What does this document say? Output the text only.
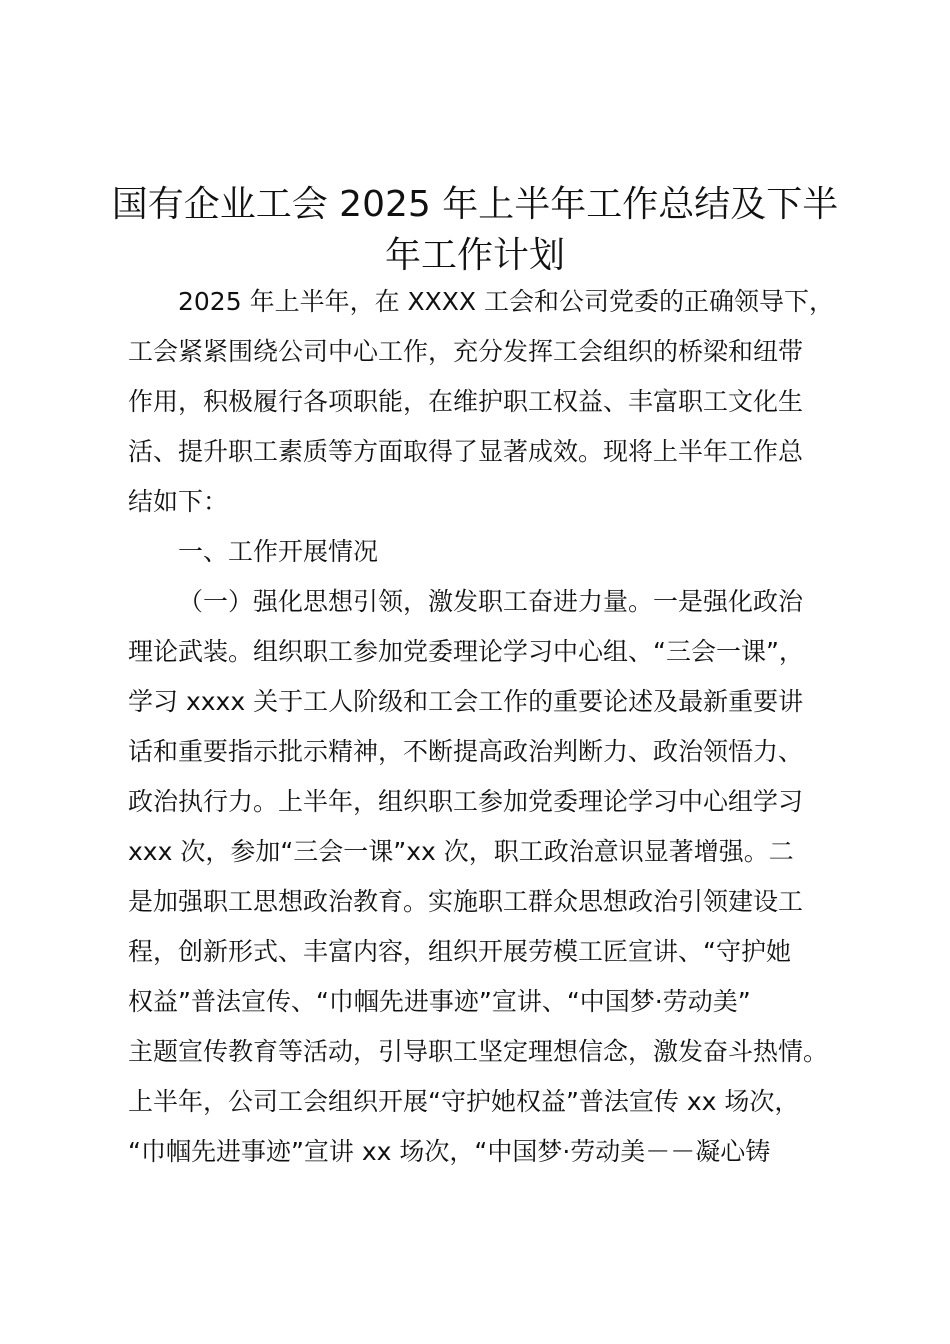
国有企业工会 2025 年上半年工作总结及下半
年工作计划
2025 年上半年，在 XXXX 工会和公司党委的正确领导下，
工会紧紧围绕公司中心工作，充分发挥工会组织的桥梁和纽带
作用，积极履行各项职能，在维护职工权益、丰富职工文化生
活、提升职工素质等方面取得了显著成效。现将上半年工作总
结如下：
一、工作开展情况
（一）强化思想引领，激发职工奋进力量。一是强化政治
理论武装。组织职工参加党委理论学习中心组、“三会一课”，
学习 xxxx 关于工人阶级和工会工作的重要论述及最新重要讲
话和重要指示批示精神，不断提高政治判断力、政治领悟力、
政治执行力。上半年，组织职工参加党委理论学习中心组学习
xxx 次，参加“三会一课”xx 次，职工政治意识显著增强。二
是加强职工思想政治教育。实施职工群众思想政治引领建设工
程，创新形式、丰富内容，组织开展劳模工匠宣讲、“守护她
权益”普法宣传、“巾帼先进事迹”宣讲、“中国梦·劳动美”
主题宣传教育等活动，引导职工坚定理想信念，激发奋斗热情。
上半年，公司工会组织开展“守护她权益”普法宣传 xx 场次，
“巾帼先进事迹”宣讲 xx 场次，“中国梦·劳动美－－凝心铸
